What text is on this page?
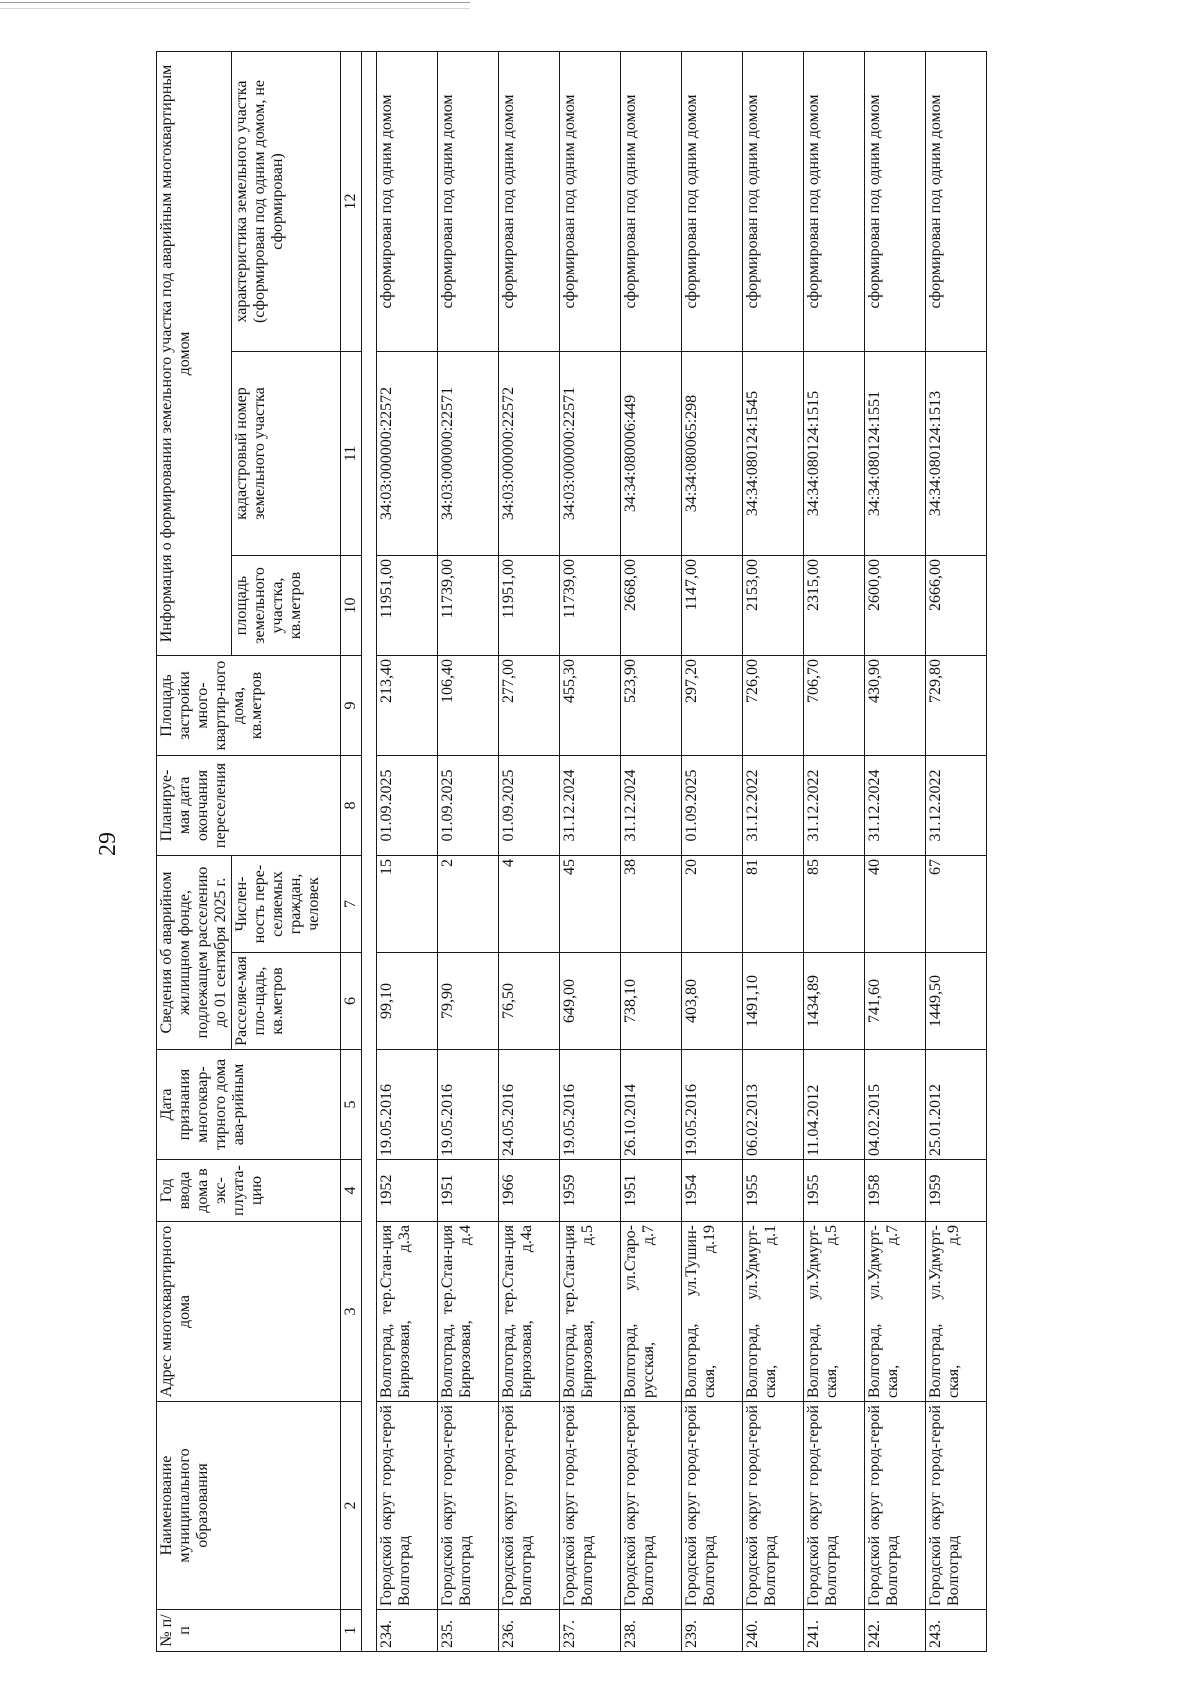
29
№ п/п	Наименование муниципального образования	Адрес многоквартирного дома	Год ввода дома в экс-плуата-цию	Дата признания многоквар-тирного дома ава-рийным	Сведения об аварийном жилищном фонде, подлежащем расселению до 01 сентября 2025 г.		Планируе-мая дата окончания переселения	Площадь застройки много-квартир-ного дома, кв.метров	Информация о формировании земельного участка под аварийным многоквартирным домом		
					Расселяе-мая пло-щадь, кв.метров	Числен-ность пере-селяемых граждан, человек			площадь земельного участка, кв.метров	кадастровый номер земельного участка	характеристика земельного участка (сформирован под одним домом, не сформирован)
1	2	3	4	5	6	7	8	9	10	11	12

234.	Городской округ город-герой Волгоград	Волгоград, тер.Стан-ция Бирюзовая, д.3а	1952	19.05.2016	99,10	15	01.09.2025	213,40	11951,00	34:03:000000:22572	сформирован под одним домом
235.	Городской округ город-герой Волгоград	Волгоград, тер.Стан-ция Бирюзовая, д.4	1951	19.05.2016	79,90	2	01.09.2025	106,40	11739,00	34:03:000000:22571	сформирован под одним домом
236.	Городской округ город-герой Волгоград	Волгоград, тер.Стан-ция Бирюзовая, д.4а	1966	24.05.2016	76,50	4	01.09.2025	277,00	11951,00	34:03:000000:22572	сформирован под одним домом
237.	Городской округ город-герой Волгоград	Волгоград, тер.Стан-ция Бирюзовая, д.5	1959	19.05.2016	649,00	45	31.12.2024	455,30	11739,00	34:03:000000:22571	сформирован под одним домом
238.	Городской округ город-герой Волгоград	Волгоград, ул.Старо-русская, д.7	1951	26.10.2014	738,10	38	31.12.2024	523,90	2668,00	34:34:080006:449	сформирован под одним домом
239.	Городской округ город-герой Волгоград	Волгоград, ул.Тушин-ская, д.19	1954	19.05.2016	403,80	20	01.09.2025	297,20	1147,00	34:34:080065:298	сформирован под одним домом
240.	Городской округ город-герой Волгоград	Волгоград, ул.Удмурт-ская, д.1	1955	06.02.2013	1491,10	81	31.12.2022	726,00	2153,00	34:34:080124:1545	сформирован под одним домом
241.	Городской округ город-герой Волгоград	Волгоград, ул.Удмурт-ская, д.5	1955	11.04.2012	1434,89	85	31.12.2022	706,70	2315,00	34:34:080124:1515	сформирован под одним домом
242.	Городской округ город-герой Волгоград	Волгоград, ул.Удмурт-ская, д.7	1958	04.02.2015	741,60	40	31.12.2024	430,90	2600,00	34:34:080124:1551	сформирован под одним домом
243.	Городской округ город-герой Волгоград	Волгоград, ул.Удмурт-ская, д.9	1959	25.01.2012	1449,50	67	31.12.2022	729,80	2666,00	34:34:080124:1513	сформирован под одним домом
